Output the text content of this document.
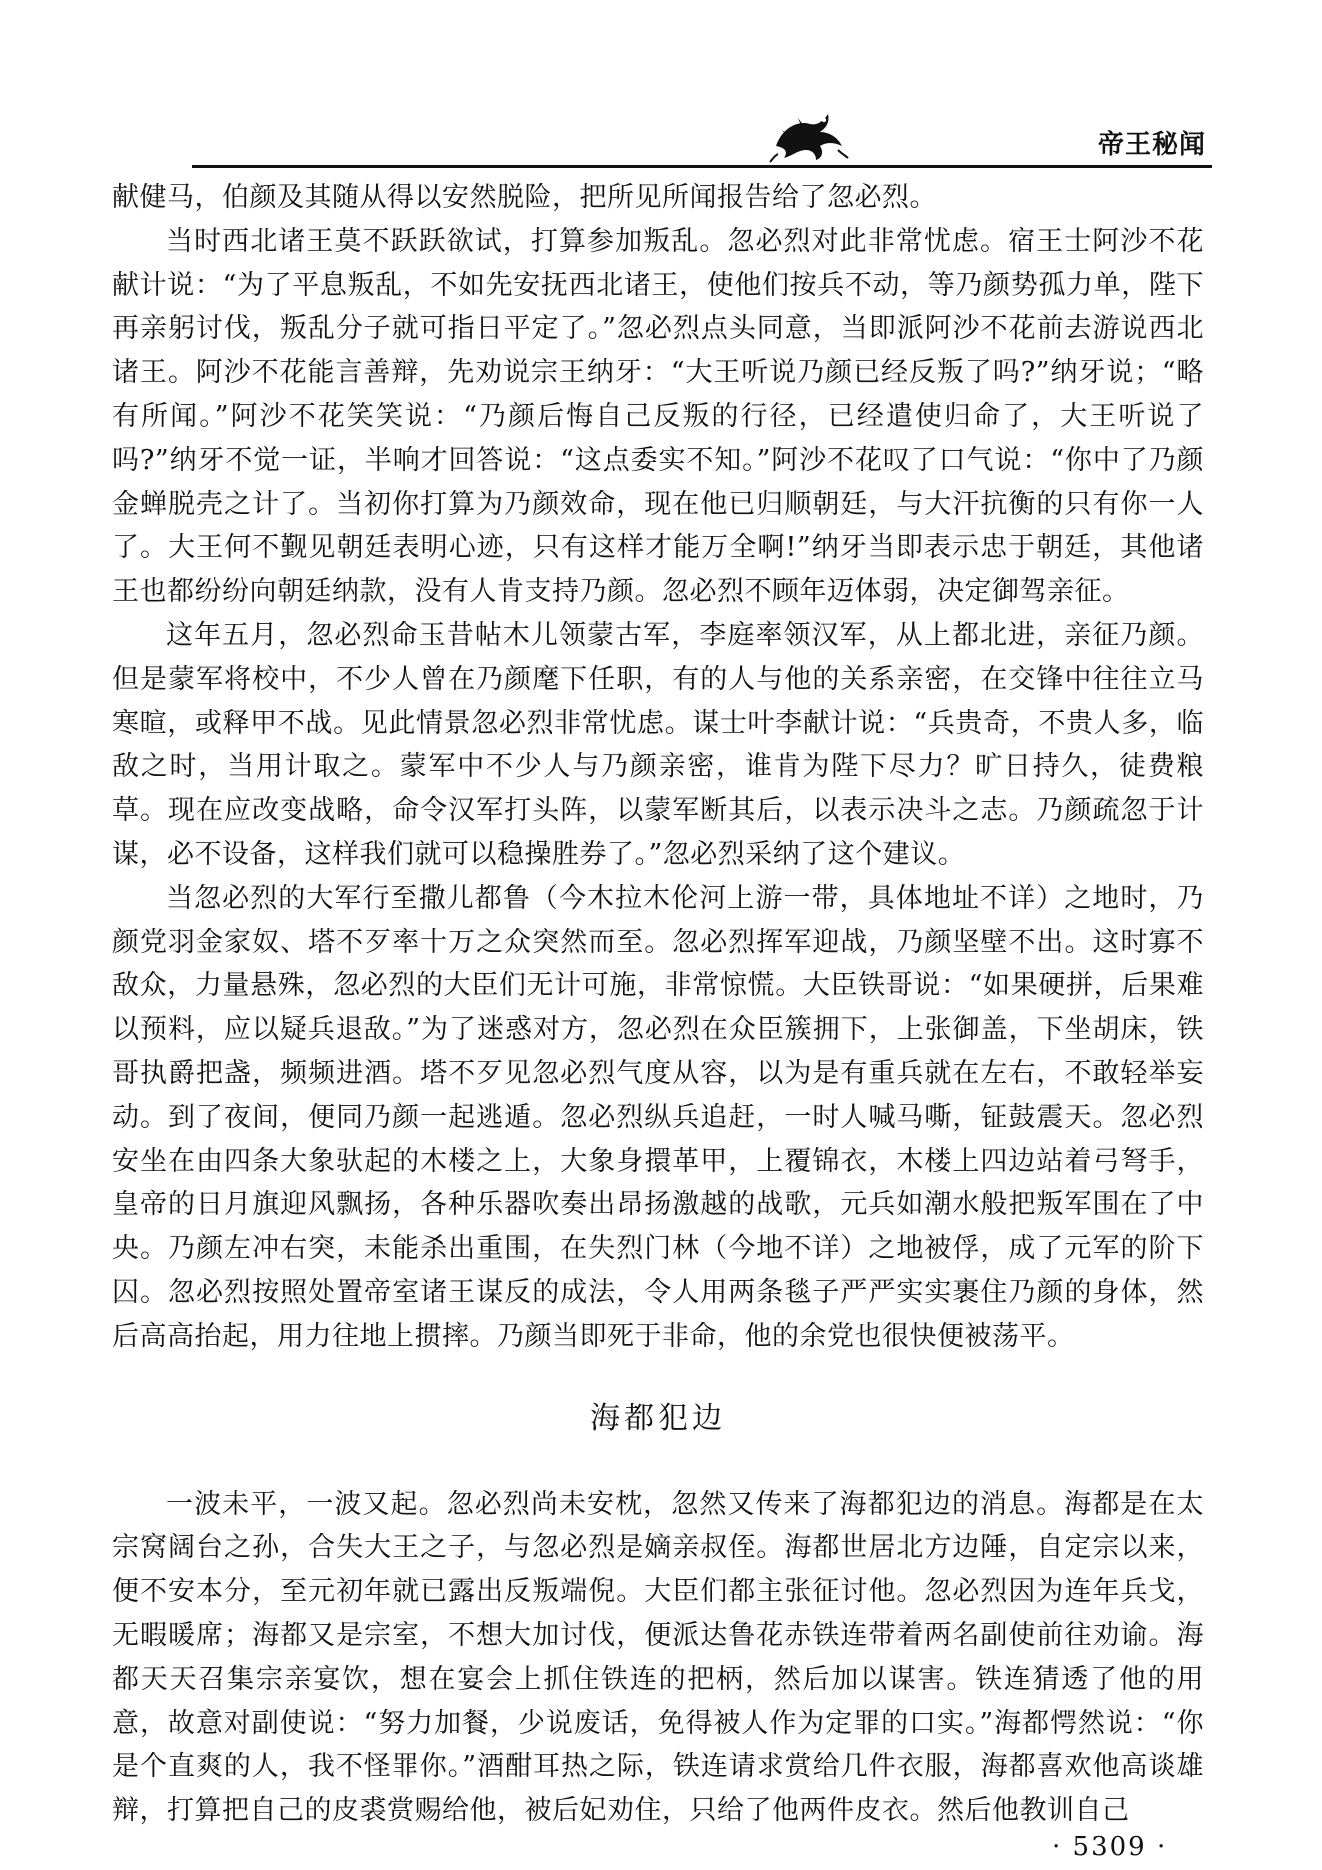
帝王秘闻

献健马，伯颜及其随从得以安然脱险，把所见所闻报告给了忽必烈。

当时西北诸王莫不跃跃欲试，打算参加叛乱。忽必烈对此非常忧虑。宿王士阿沙不花献计说：“为了平息叛乱，不如先安抚西北诸王，使他们按兵不动，等乃颜势孤力单，陛下再亲躬讨伐，叛乱分子就可指日平定了。”忽必烈点头同意，当即派阿沙不花前去游说西北诸王。阿沙不花能言善辩，先劝说宗王纳牙：“大王听说乃颜已经反叛了吗?”纳牙说；“略有所闻。”阿沙不花笑笑说：“乃颜后悔自己反叛的行径，已经遣使归命了，大王听说了吗?”纳牙不觉一证，半响才回答说：“这点委实不知。”阿沙不花叹了口气说：“你中了乃颜金蝉脱壳之计了。当初你打算为乃颜效命，现在他已归顺朝廷，与大汗抗衡的只有你一人了。大王何不觐见朝廷表明心迹，只有这样才能万全啊!”纳牙当即表示忠于朝廷，其他诸王也都纷纷向朝廷纳款，没有人肯支持乃颜。忽必烈不顾年迈体弱，决定御驾亲征。

这年五月，忽必烈命玉昔帖木儿领蒙古军，李庭率领汉军，从上都北进，亲征乃颜。但是蒙军将校中，不少人曾在乃颜麾下任职，有的人与他的关系亲密，在交锋中往往立马寒暄，或释甲不战。见此情景忽必烈非常忧虑。谋士叶李献计说：“兵贵奇，不贵人多，临敌之时，当用计取之。蒙军中不少人与乃颜亲密，谁肯为陛下尽力？旷日持久，徒费粮草。现在应改变战略，命令汉军打头阵，以蒙军断其后，以表示决斗之志。乃颜疏忽于计谋，必不设备，这样我们就可以稳操胜券了。”忽必烈采纳了这个建议。

当忽必烈的大军行至撒儿都鲁（今木拉木伦河上游一带，具体地址不详）之地时，乃颜党羽金家奴、塔不歹率十万之众突然而至。忽必烈挥军迎战，乃颜坚壁不出。这时寡不敌众，力量悬殊，忽必烈的大臣们无计可施，非常惊慌。大臣铁哥说：“如果硬拼，后果难以预料，应以疑兵退敌。”为了迷惑对方，忽必烈在众臣簇拥下，上张御盖，下坐胡床，铁哥执爵把盏，频频进酒。塔不歹见忽必烈气度从容，以为是有重兵就在左右，不敢轻举妄动。到了夜间，便同乃颜一起逃遁。忽必烈纵兵追赶，一时人喊马嘶，钲鼓震天。忽必烈安坐在由四条大象驮起的木楼之上，大象身擐革甲，上覆锦衣，木楼上四边站着弓弩手，皇帝的日月旗迎风飘扬，各种乐器吹奏出昂扬激越的战歌，元兵如潮水般把叛军围在了中央。乃颜左冲右突，未能杀出重围，在失烈门林（今地不详）之地被俘，成了元军的阶下囚。忽必烈按照处置帝室诸王谋反的成法，令人用两条毯子严严实实裹住乃颜的身体，然后高高抬起，用力往地上掼摔。乃颜当即死于非命，他的余党也很快便被荡平。

海都犯边

一波未平，一波又起。忽必烈尚未安枕，忽然又传来了海都犯边的消息。海都是在太宗窝阔台之孙，合失大王之子，与忽必烈是嫡亲叔侄。海都世居北方边陲，自定宗以来，便不安本分，至元初年就已露出反叛端倪。大臣们都主张征讨他。忽必烈因为连年兵戈，无暇暖席；海都又是宗室，不想大加讨伐，便派达鲁花赤铁连带着两名副使前往劝谕。海都天天召集宗亲宴饮，想在宴会上抓住铁连的把柄，然后加以谋害。铁连猜透了他的用意，故意对副使说：“努力加餐，少说废话，免得被人作为定罪的口实。”海都愕然说：“你是个直爽的人，我不怪罪你。”酒酣耳热之际，铁连请求赏给几件衣服，海都喜欢他高谈雄辩，打算把自己的皮裘赏赐给他，被后妃劝住，只给了他两件皮衣。然后他教训自己

· 5309 ·
